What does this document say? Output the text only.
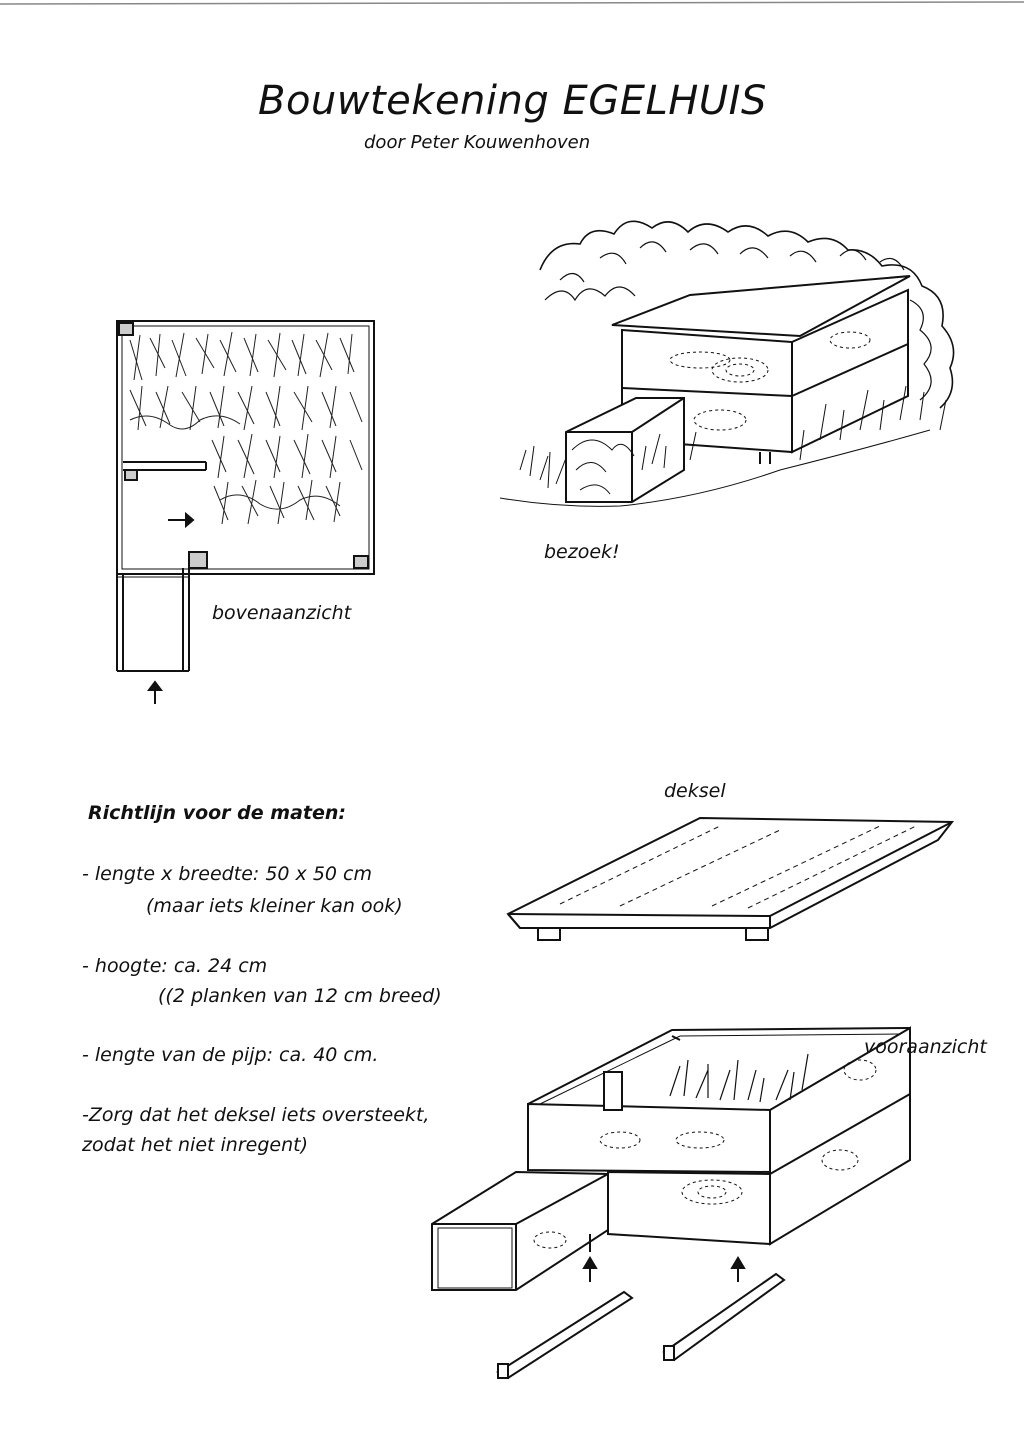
Bouwtekening EGELHUIS
door Peter Kouwenhoven
bovenaanzicht
bezoek!
deksel
vooraanzicht
Richtlijn voor de maten:
- lengte x breedte: 50 x 50 cm
(maar iets kleiner kan ook)
- hoogte: ca. 24 cm
((2 planken van 12 cm breed)
- lengte van de pijp: ca. 40 cm.
-Zorg dat het deksel iets oversteekt,
zodat het niet inregent)
